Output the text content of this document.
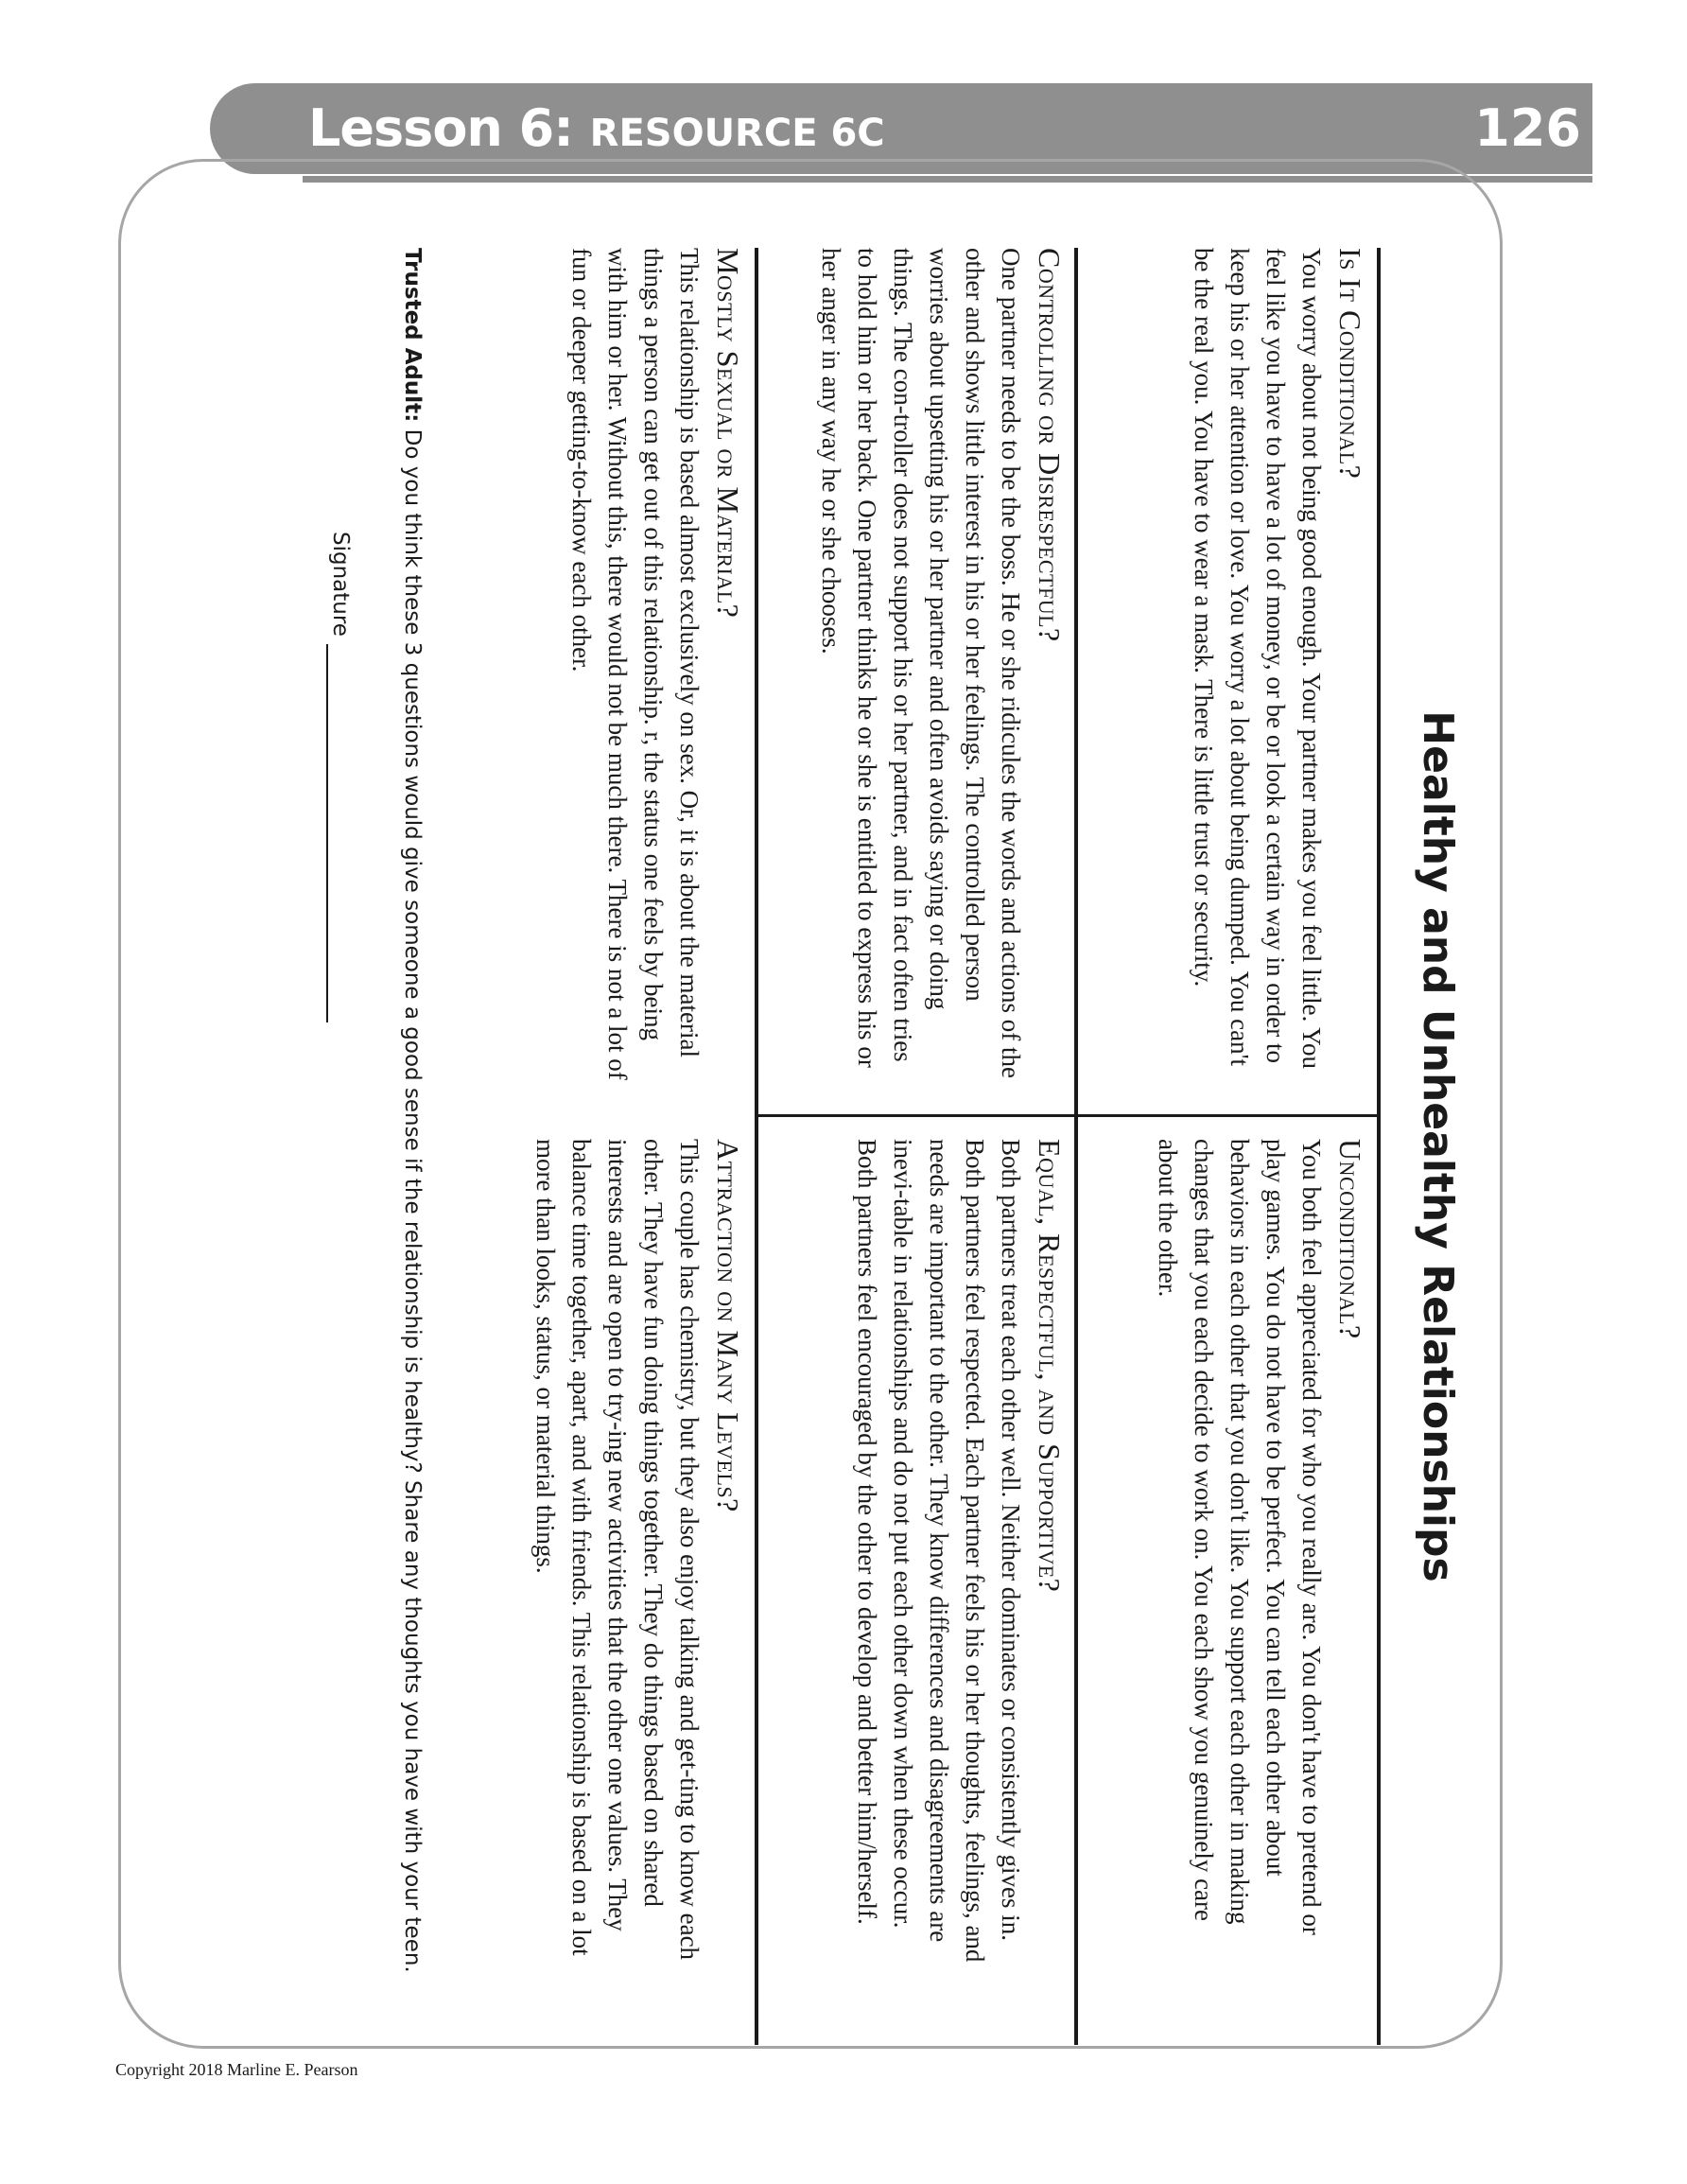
Lesson 6: RESOURCE 6C	126
Healthy and Unhealthy Relationships
Is It Conditional?

You worry about not being good enough. Your partner makes you feel little. You feel like you have to have a lot of money, or be or look a certain way in order to keep his or her attention or love. You worry a lot about being dumped. You can't be the real you. You have to wear a mask. There is little trust or security.

Unconditional?

You both feel appreciated for who you really are. You don't have to pretend or play games. You do not have to be perfect. You can tell each other about behaviors in each other that you don't like. You support each other in making changes that you each decide to work on. You each show you genuinely care about the other.

Controlling or Disrespectful?

One partner needs to be the boss. He or she ridicules the words and actions of the other and shows little interest in his or her feelings. The controlled person worries about upsetting his or her partner and often avoids saying or doing things. The con-troller does not support his or her partner, and in fact often tries to hold him or her back. One partner thinks he or she is entitled to express his or her anger in any way he or she chooses.

Equal, Respectful, and Supportive?

Both partners treat each other well. Neither dominates or consistently gives in. Both partners feel respected. Each partner feels his or her thoughts, feelings, and needs are important to the other. They know differences and disagreements are inevi-table in relationships and do not put each other down when these occur. Both partners feel encouraged by the other to develop and better him/herself.

Mostly Sexual or Material?

This relationship is based almost exclusively on sex. Or, it is about the material things a person can get out of this relationship. r, the status one feels by being with him or her. Without this, there would not be much there. There is not a lot of fun or deeper getting-to-know each other.

Attraction on Many Levels?

This couple has chemistry, but they also enjoy talking and get-ting to know each other. They have fun doing things together. They do things based on shared interests and are open to try-ing new activities that the other one values. They balance time together, apart, and with friends. This relationship is based on a lot more than looks, status, or material things.

Trusted Adult: Do you think these 3 questions would give someone a good sense if the relationship is healthy? Share any thoughts you have with your teen.
Signature
Copyright 2018 Marline E. Pearson
